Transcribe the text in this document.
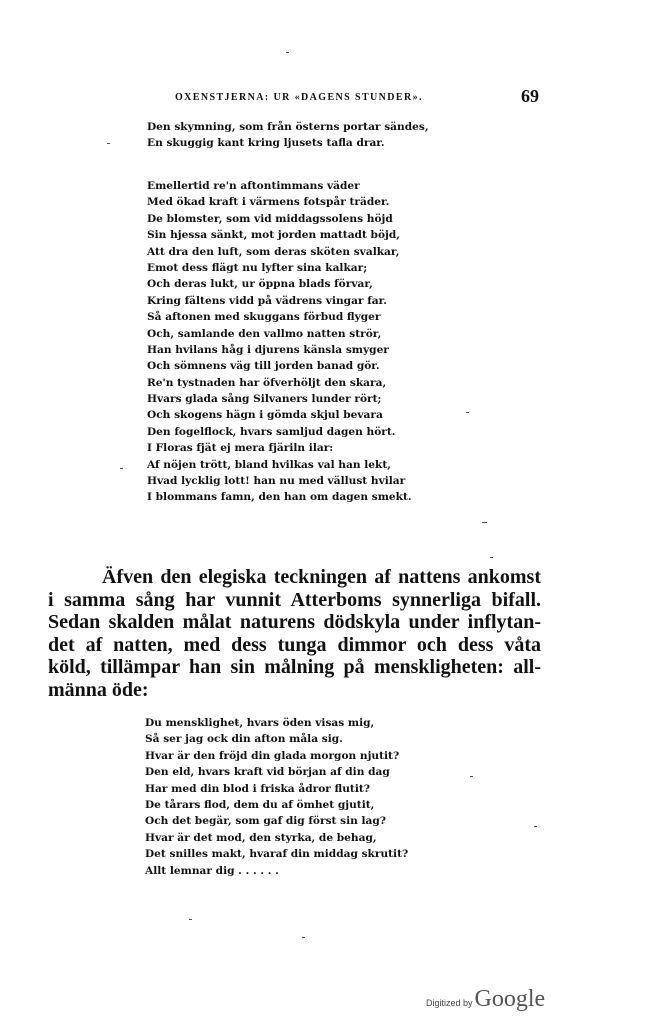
OXENSTJERNA: UR «DAGENS STUNDER».	69
Den skymning, som från österns portar sändes,
En skuggig kant kring ljusets tafla drar.
Emellertid re'n aftontimmans väder
Med ökad kraft i värmens fotspår träder.
De blomster, som vid middagssolens höjd
Sin hjessa sänkt, mot jorden mattadt böjd,
Att dra den luft, som deras sköten svalkar,
Emot dess flägt nu lyfter sina kalkar;
Och deras lukt, ur öppna blads förvar,
Kring fältens vidd på vädrens vingar far.
Så aftonen med skuggans förbud flyger
Och, samlande den vallmo natten strör,
Han hvilans håg i djurens känsla smyger
Och sömnens väg till jorden banad gör.
Re'n tystnaden har öfverhöljt den skara,
Hvars glada sång Silvaners lunder rört;
Och skogens hägn i gömda skjul bevara
Den fogelflock, hvars samljud dagen hört.
I Floras fjät ej mera fjäriln ilar:
Af nöjen trött, bland hvilkas val han lekt,
Hvad lycklig lott! han nu med vällust hvilar
I blommans famn, den han om dagen smekt.
Äfven den elegiska teckningen af nattens ankomst
i samma sång har vunnit Atterboms synnerliga bifall.
Sedan skalden målat naturens dödskyla under inflytan-
det af natten, med dess tunga dimmor och dess våta
köld, tillämpar han sin målning på menskligheten: all-
männa öde:
Du menskligheŧ, hvars öden visas mig,
Så ser jag ock din afton måla sig.
Hvar är den fröjd din glada morgon njutit?
Den eld, hvars kraft vid början af din dag
Har med din blod i friska ådror flutit?
De tårars flod, dem du af ömhet gjutit,
Och det begär, som gaf dig först sin lag?
Hvar är det mod, den styrka, de behag,
Det snilles makt, hvaraf din middag skrutit?
Allt lemnar dig . . . . . .
Digitized by Google
